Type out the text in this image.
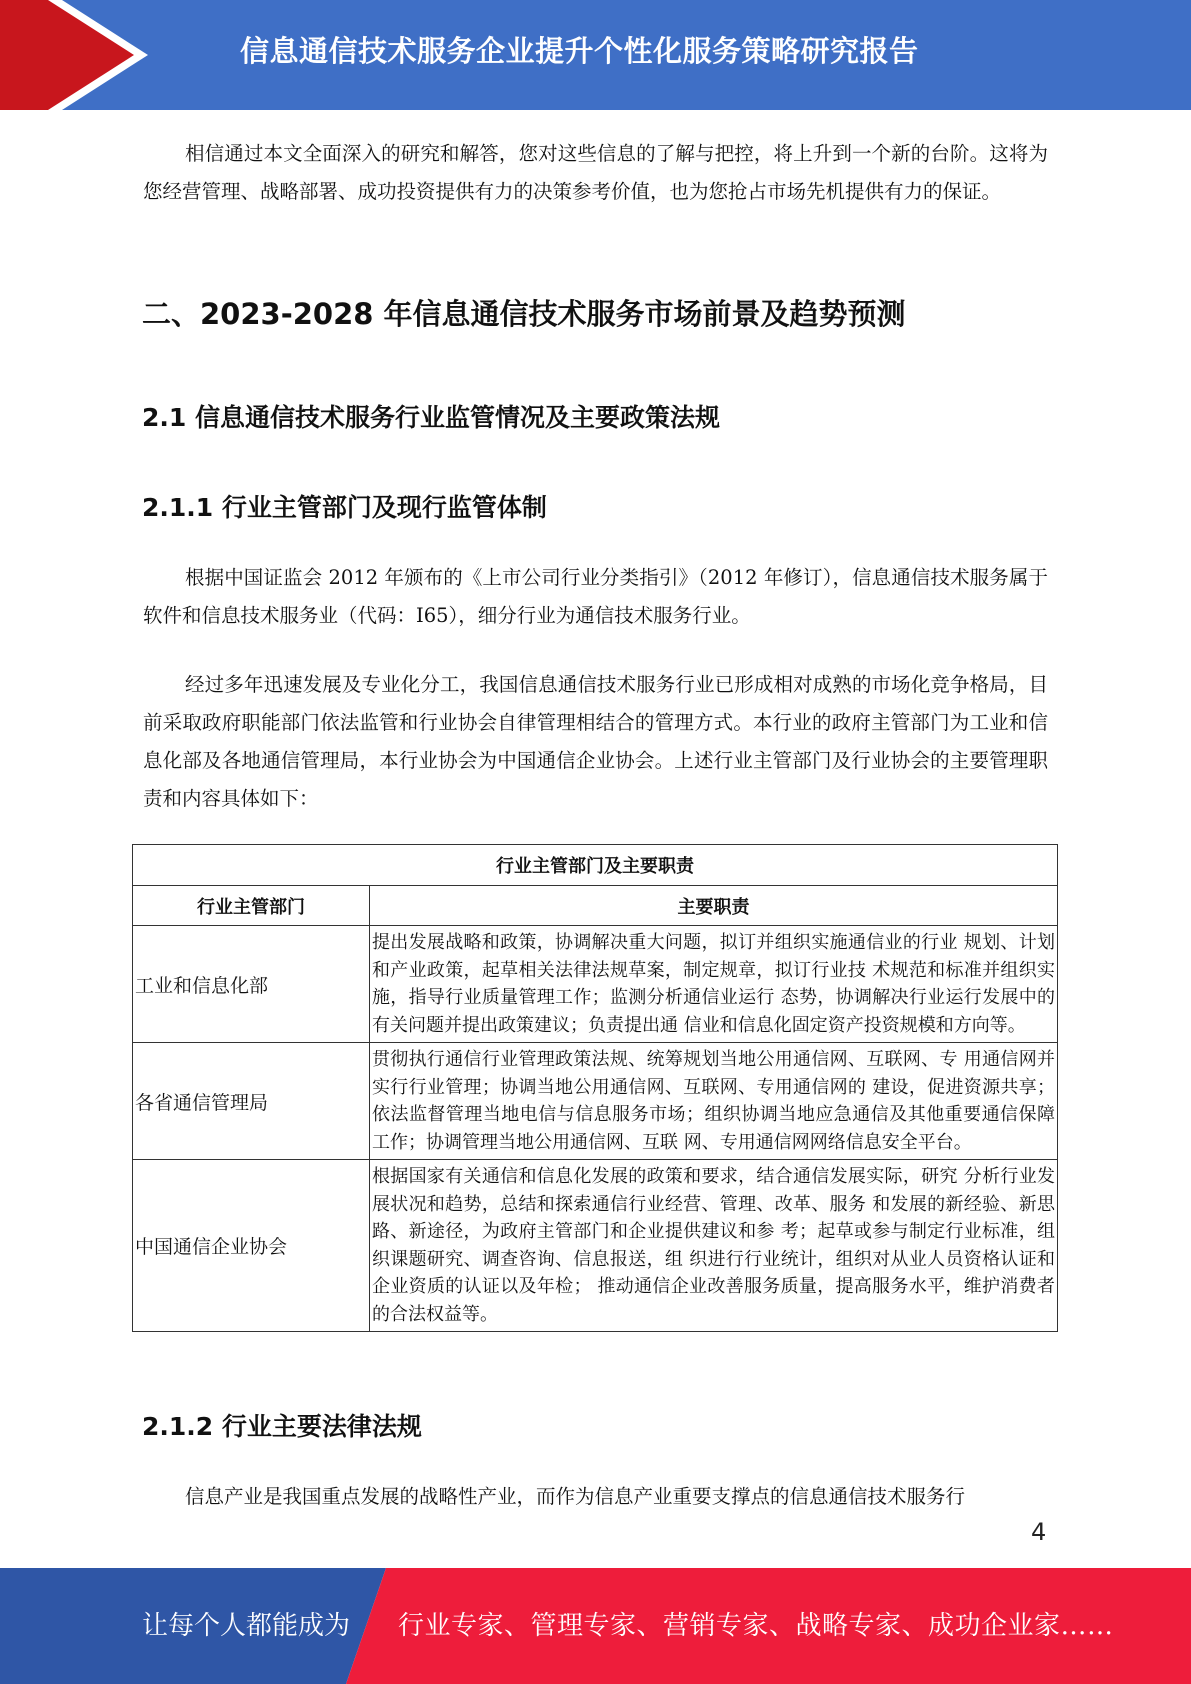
信息通信技术服务企业提升个性化服务策略研究报告

相信通过本文全面深入的研究和解答，您对这些信息的了解与把控，将上升到一个新的台阶。这将为您经营管理、战略部署、成功投资提供有力的决策参考价值，也为您抢占市场先机提供有力的保证。

二、2023-2028 年信息通信技术服务市场前景及趋势预测
2.1 信息通信技术服务行业监管情况及主要政策法规
2.1.1 行业主管部门及现行监管体制

根据中国证监会 2012 年颁布的《上市公司行业分类指引》（2012 年修订），信息通信技术服务属于软件和信息技术服务业（代码：I65），细分行业为通信技术服务行业。

经过多年迅速发展及专业化分工，我国信息通信技术服务行业已形成相对成熟的市场化竞争格局，目前采取政府职能部门依法监管和行业协会自律管理相结合的管理方式。本行业的政府主管部门为工业和信息化部及各地通信管理局，本行业协会为中国通信企业协会。上述行业主管部门及行业协会的主要管理职责和内容具体如下：

行业主管部门及主要职责	
行业主管部门	主要职责
工业和信息化部	提出发展战略和政策，协调解决重大问题，拟订并组织实施通信业的行业 规划、计划和产业政策，起草相关法律法规草案，制定规章，拟订行业技 术规范和标准并组织实施，指导行业质量管理工作；监测分析通信业运行 态势，协调解决行业运行发展中的有关问题并提出政策建议；负责提出通 信业和信息化固定资产投资规模和方向等。
各省通信管理局	贯彻执行通信行业管理政策法规、统筹规划当地公用通信网、互联网、专 用通信网并实行行业管理；协调当地公用通信网、互联网、专用通信网的 建设，促进资源共享；依法监督管理当地电信与信息服务市场；组织协调当地应急通信及其他重要通信保障工作；协调管理当地公用通信网、互联 网、专用通信网网络信息安全平台。
中国通信企业协会	根据国家有关通信和信息化发展的政策和要求，结合通信发展实际，研究 分析行业发展状况和趋势，总结和探索通信行业经营、管理、改革、服务 和发展的新经验、新思路、新途径，为政府主管部门和企业提供建议和参 考；起草或参与制定行业标准，组织课题研究、调查咨询、信息报送，组 织进行行业统计，组织对从业人员资格认证和企业资质的认证以及年检； 推动通信企业改善服务质量，提高服务水平，维护消费者的合法权益等。
2.1.2 行业主要法律法规

信息产业是我国重点发展的战略性产业，而作为信息产业重要支撑点的信息通信技术服务行

4
让每个人都能成为 行业专家、管理专家、营销专家、战略专家、成功企业家……
